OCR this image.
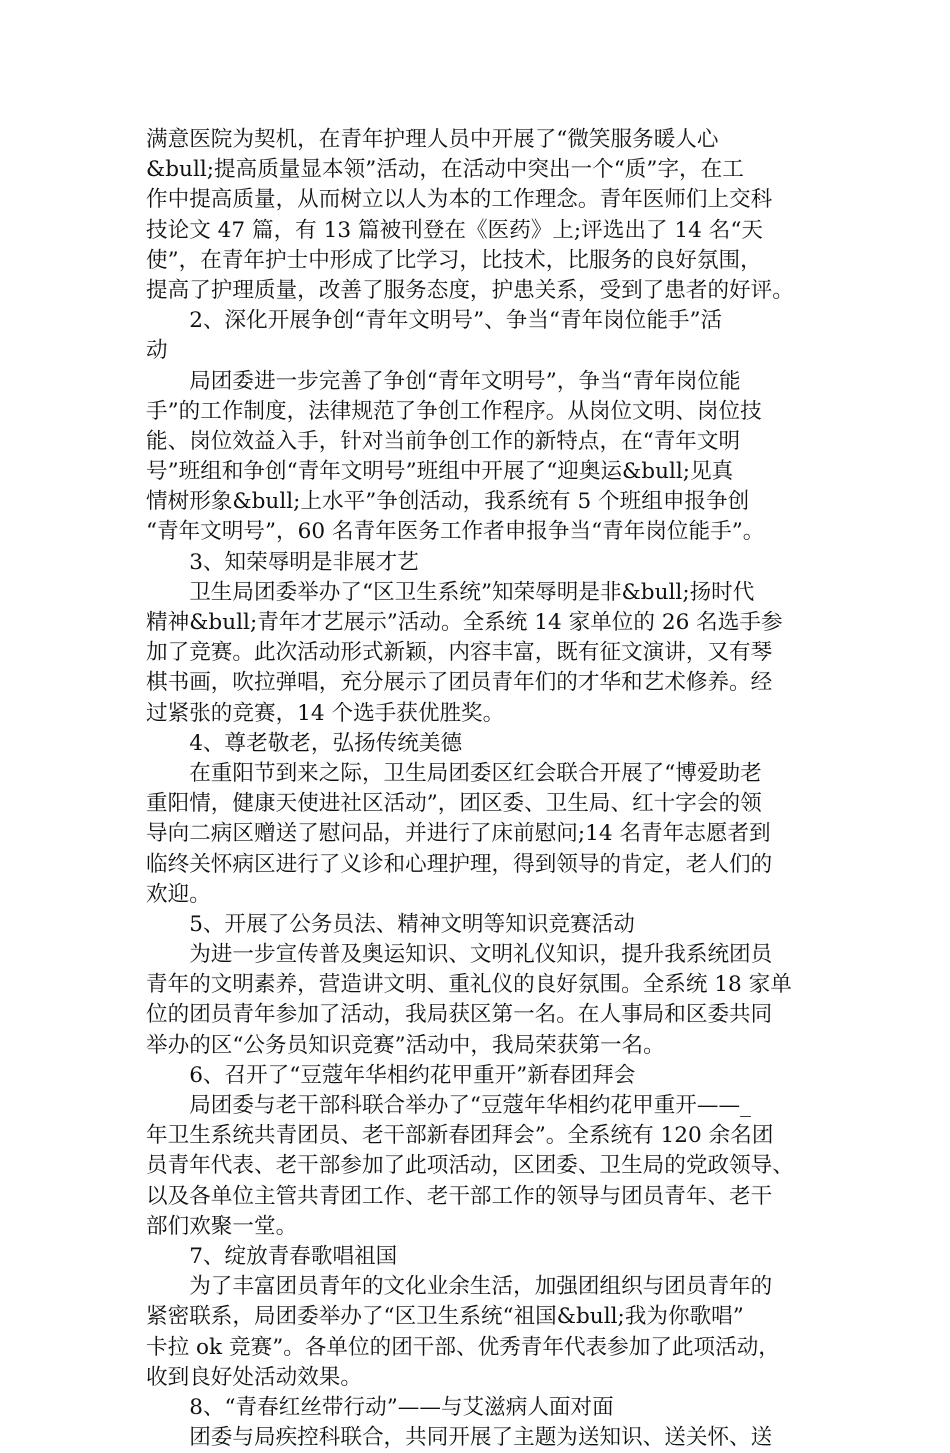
满意医院为契机，在青年护理人员中开展了“微笑服务暖人心
&bull;提高质量显本领”活动，在活动中突出一个“质”字，在工
作中提高质量，从而树立以人为本的工作理念。青年医师们上交科
技论文 47 篇，有 13 篇被刊登在《医药》上;评选出了 14 名“天
使”，在青年护士中形成了比学习，比技术，比服务的良好氛围，
提高了护理质量，改善了服务态度，护患关系，受到了患者的好评。
　　2、深化开展争创“青年文明号”、争当“青年岗位能手”活
动
　　局团委进一步完善了争创“青年文明号”，争当“青年岗位能
手”的工作制度，法律规范了争创工作程序。从岗位文明、岗位技
能、岗位效益入手，针对当前争创工作的新特点，在“青年文明
号”班组和争创“青年文明号”班组中开展了“迎奥运&bull;见真
情树形象&bull;上水平”争创活动，我系统有 5 个班组申报争创
“青年文明号”，60 名青年医务工作者申报争当“青年岗位能手”。
　　3、知荣辱明是非展才艺
　　卫生局团委举办了“区卫生系统”知荣辱明是非&bull;扬时代
精神&bull;青年才艺展示”活动。全系统 14 家单位的 26 名选手参
加了竞赛。此次活动形式新颖，内容丰富，既有征文演讲，又有琴
棋书画，吹拉弹唱，充分展示了团员青年们的才华和艺术修养。经
过紧张的竞赛，14 个选手获优胜奖。
　　4、尊老敬老，弘扬传统美德
　　在重阳节到来之际，卫生局团委区红会联合开展了“博爱助老
重阳情，健康天使进社区活动”，团区委、卫生局、红十字会的领
导向二病区赠送了慰问品，并进行了床前慰问;14 名青年志愿者到
临终关怀病区进行了义诊和心理护理，得到领导的肯定，老人们的
欢迎。
　　5、开展了公务员法、精神文明等知识竞赛活动
　　为进一步宣传普及奥运知识、文明礼仪知识，提升我系统团员
青年的文明素养，营造讲文明、重礼仪的良好氛围。全系统 18 家单
位的团员青年参加了活动，我局获区第一名。在人事局和区委共同
举办的区“公务员知识竞赛”活动中，我局荣获第一名。
　　6、召开了“豆蔻年华相约花甲重开”新春团拜会
　　局团委与老干部科联合举办了“豆蔻年华相约花甲重开——_
年卫生系统共青团员、老干部新春团拜会”。全系统有 120 余名团
员青年代表、老干部参加了此项活动，区团委、卫生局的党政领导、
以及各单位主管共青团工作、老干部工作的领导与团员青年、老干
部们欢聚一堂。
　　7、绽放青春歌唱祖国
　　为了丰富团员青年的文化业余生活，加强团组织与团员青年的
紧密联系，局团委举办了“区卫生系统“祖国&bull;我为你歌唱”
卡拉 ok 竞赛”。各单位的团干部、优秀青年代表参加了此项活动，
收到良好处活动效果。
　　8、“青春红丝带行动”——与艾滋病人面对面
　　团委与局疾控科联合，共同开展了主题为送知识、送关怀、送
